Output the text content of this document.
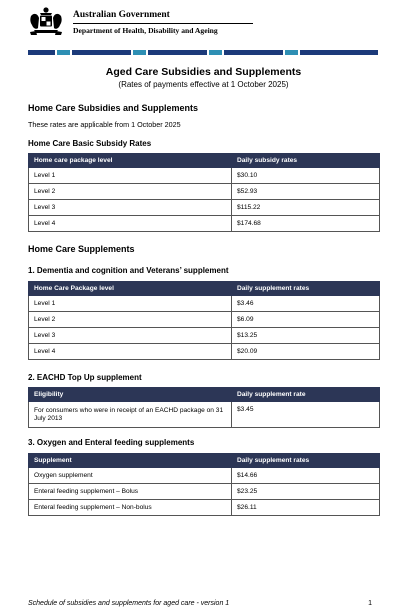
Australian Government
Department of Health, Disability and Ageing
Aged Care Subsidies and Supplements
(Rates of payments effective at 1 October 2025)
Home Care Subsidies and Supplements
These rates are applicable from 1 October 2025
Home Care Basic Subsidy Rates
Home care package level	Daily subsidy rates
Level 1	$30.10
Level 2	$52.93
Level 3	$115.22
Level 4	$174.68
Home Care Supplements
1. Dementia and cognition and Veterans’ supplement
Home Care Package level	Daily supplement rates
Level 1	$3.46
Level 2	$6.09
Level 3	$13.25
Level 4	$20.09
2. EACHD Top Up supplement
Eligibility	Daily supplement rate
For consumers who were in receipt of an EACHD package on 31 July 2013	$3.45
3. Oxygen and Enteral feeding supplements
Supplement	Daily supplement rates
Oxygen supplement	$14.66
Enteral feeding supplement – Bolus	$23.25
Enteral feeding supplement – Non-bolus	$26.11
Schedule of subsidies and supplements for aged care - version 1	1
